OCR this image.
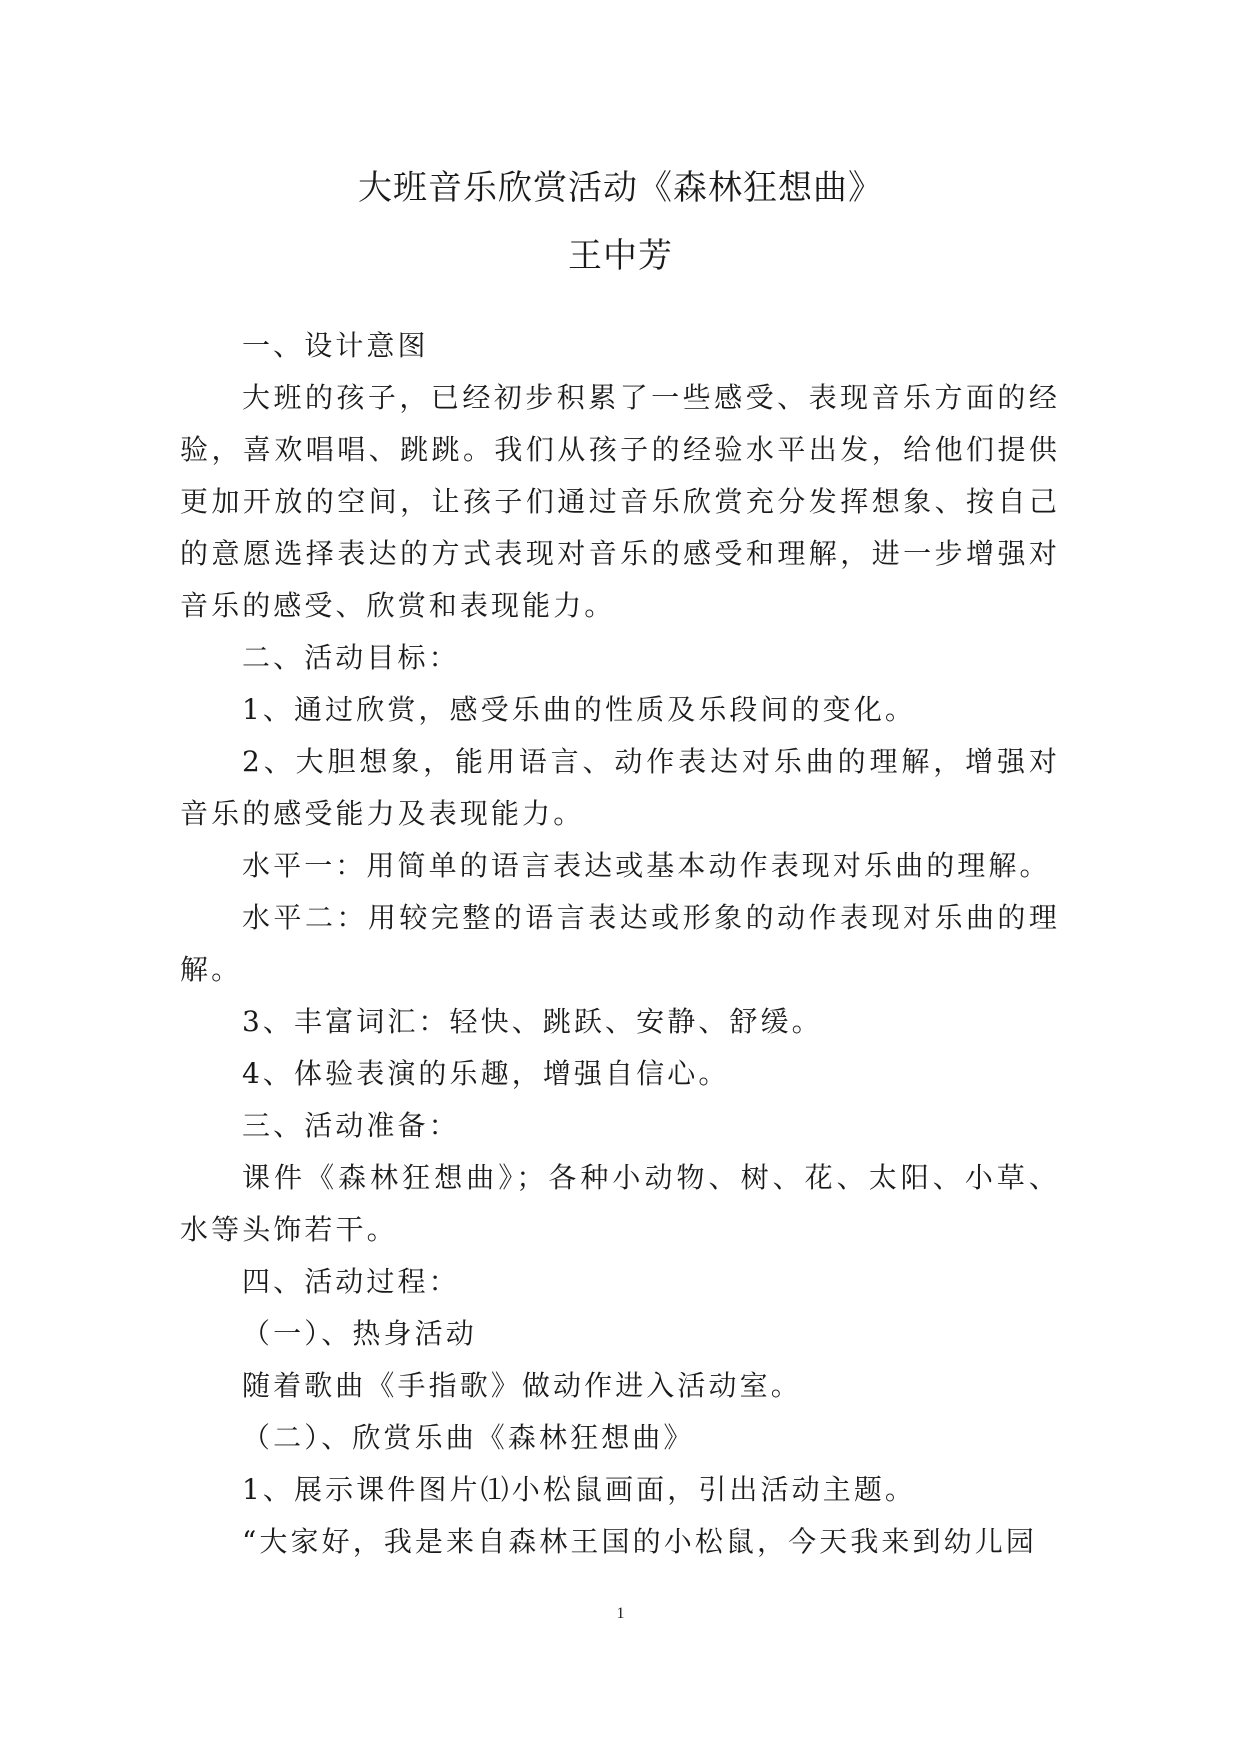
大班音乐欣赏活动《森林狂想曲》
王中芳

一、设计意图

大班的孩子，已经初步积累了一些感受、表现音乐方面的经验，喜欢唱唱、跳跳。我们从孩子的经验水平出发，给他们提供更加开放的空间，让孩子们通过音乐欣赏充分发挥想象、按自己的意愿选择表达的方式表现对音乐的感受和理解，进一步增强对音乐的感受、欣赏和表现能力。

二、活动目标：

1、通过欣赏，感受乐曲的性质及乐段间的变化。

2、大胆想象，能用语言、动作表达对乐曲的理解，增强对音乐的感受能力及表现能力。

水平一：用简单的语言表达或基本动作表现对乐曲的理解。

水平二：用较完整的语言表达或形象的动作表现对乐曲的理解。

3、丰富词汇：轻快、跳跃、安静、舒缓。

4、体验表演的乐趣，增强自信心。

三、活动准备：

课件《森林狂想曲》；各种小动物、树、花、太阳、小草、水等头饰若干。

四、活动过程：

（一）、热身活动

随着歌曲《手指歌》做动作进入活动室。

（二）、欣赏乐曲《森林狂想曲》

1、展示课件图片⑴小松鼠画面，引出活动主题。

“大家好，我是来自森林王国的小松鼠，今天我来到幼儿园

1
